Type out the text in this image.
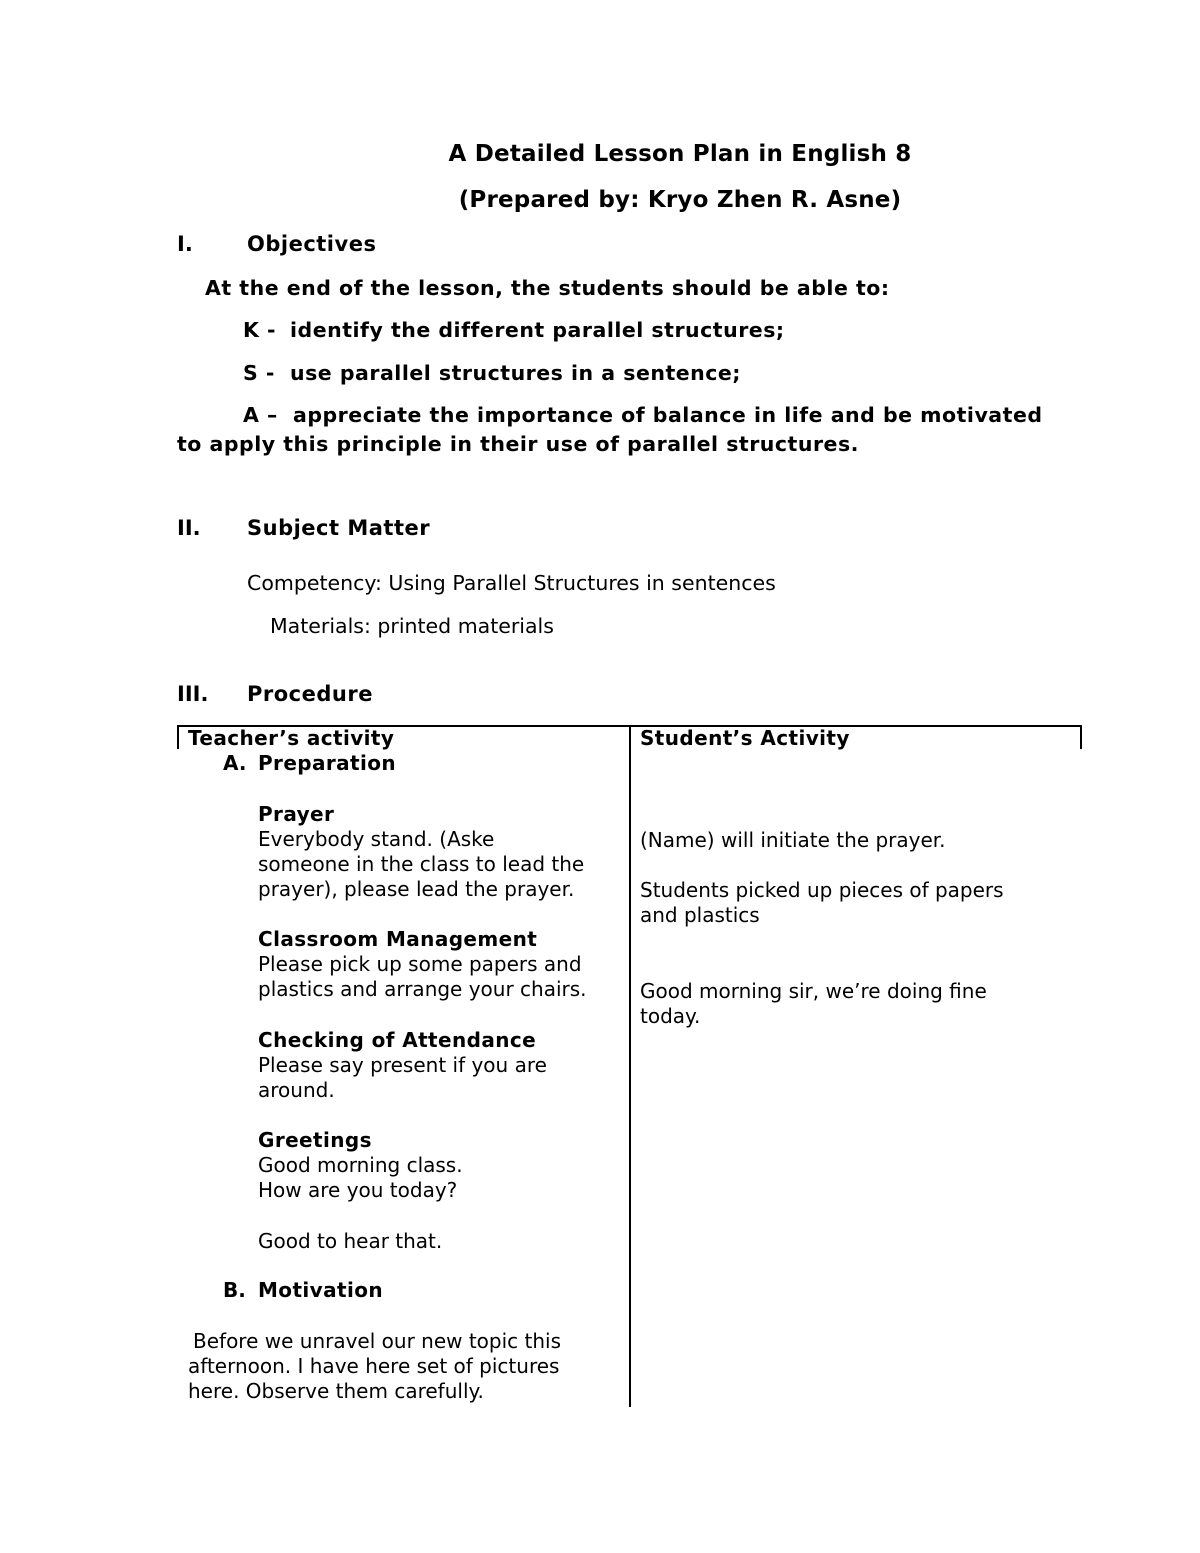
A Detailed Lesson Plan in English 8
(Prepared by: Kryo Zhen R. Asne)
I.	Objectives
At the end of the lesson, the students should be able to:
K - identify the different parallel structures;
S - use parallel structures in a sentence;
A – appreciate the importance of balance in life and be motivated
to apply this principle in their use of parallel structures.
II. Subject Matter
Competency: Using Parallel Structures in sentences
Materials: printed materials
III. Procedure
Teacher’s activity	Student’s Activity
A. Preparation
Prayer
Everybody stand. (Aske
someone in the class to lead the
prayer), please lead the prayer.
Classroom Management
Please pick up some papers and
plastics and arrange your chairs.
Checking of Attendance
Please say present if you are
around.
Greetings
Good morning class.
How are you today?
Good to hear that.
B. Motivation
Before we unravel our new topic this
afternoon. I have here set of pictures
here. Observe them carefully.
(Name) will initiate the prayer.
Students picked up pieces of papers
and plastics
Good morning sir, we’re doing fine
today.
